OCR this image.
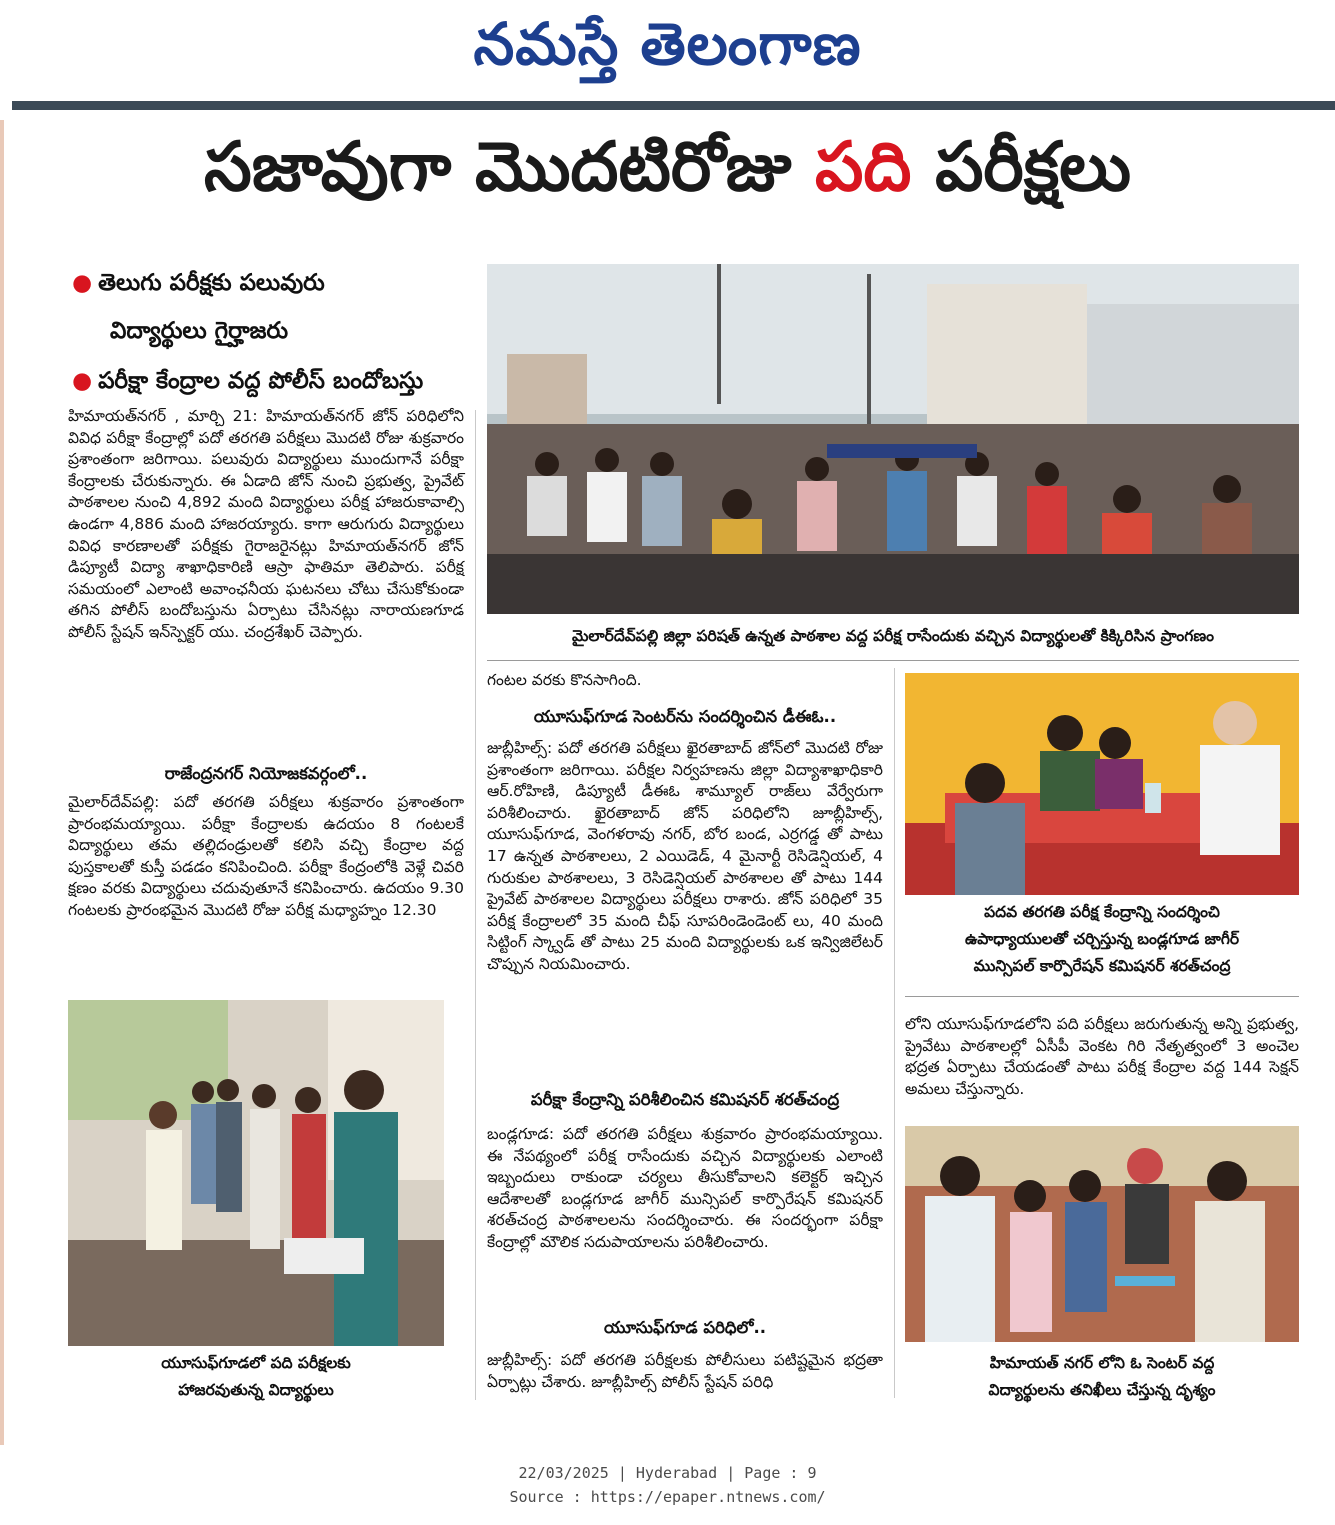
నమస్తే తెలంగాణ
సజావుగా మొదటిరోజు పది పరీక్షలు
● తెలుగు పరీక్షకు పలువురు
విద్యార్థులు గైర్హాజరు
● పరీక్షా కేంద్రాల వద్ద పోలీస్ బందోబస్తు
హిమాయత్‌నగర్ , మార్చి 21: హిమాయత్‌నగర్ జోన్ పరిధిలోని వివిధ పరీక్షా కేంద్రాల్లో పదో తరగతి పరీక్షలు మొదటి రోజు శుక్రవారం ప్రశాంతంగా జరిగాయి. పలువురు విద్యార్థులు ముందుగానే పరీక్షా కేంద్రాలకు చేరుకున్నారు. ఈ ఏడాది జోన్ నుంచి ప్రభుత్వ, ప్రైవేట్ పాఠశాలల నుంచి 4,892 మంది విద్యార్థులు పరీక్ష హాజరుకావాల్సి ఉండగా 4,886 మంది హాజరయ్యారు. కాగా ఆరుగురు విద్యార్థులు వివిధ కారణాలతో పరీక్షకు గైరాజరైనట్లు హిమాయత్‌నగర్ జోన్ డిప్యూటీ విద్యా శాఖాధికారిణి ఆస్రా ఫాతిమా తెలిపారు. పరీక్ష సమయంలో ఎలాంటి అవాంఛనీయ ఘటనలు చోటు చేసుకోకుండా తగిన పోలీస్ బందోబస్తును ఏర్పాటు చేసినట్లు నారాయణగూడ పోలీస్ స్టేషన్ ఇన్‌స్పెక్టర్ యు. చంద్రశేఖర్ చెప్పారు.
రాజేంద్రనగర్ నియోజకవర్గంలో..
మైలార్‌దేవ్‌పల్లి: పదో తరగతి పరీక్షలు శుక్రవారం ప్రశాంతంగా ప్రారంభమయ్యాయి. పరీక్షా కేంద్రాలకు ఉదయం 8 గంటలకే విద్యార్థులు తమ తల్లిదండ్రులతో కలిసి వచ్చి కేంద్రాల వద్ద పుస్తకాలతో కుస్తీ పడడం కనిపించింది. పరీక్షా కేంద్రంలోకి వెళ్లే చివరి క్షణం వరకు విద్యార్థులు చదువుతూనే కనిపించారు. ఉదయం 9.30 గంటలకు ప్రారంభమైన మొదటి రోజు పరీక్ష మధ్యాహ్నం 12.30
యూసుఫ్‌గూడలో పది పరీక్షలకు
హాజరవుతున్న విద్యార్థులు
మైలార్‌దేవ్‌పల్లి జిల్లా పరిషత్ ఉన్నత పాఠశాల వద్ద పరీక్ష రాసేందుకు వచ్చిన విద్యార్థులతో కిక్కిరిసిన ప్రాంగణం
గంటల వరకు కొనసాగింది.
యూసుఫ్‌గూడ సెంటర్‌ను సందర్శించిన డీఈఓ..
జుబ్లీహిల్స్: పదో తరగతి పరీక్షలు ఖైరతాబాద్ జోన్‌లో మొదటి రోజు ప్రశాంతంగా జరిగాయి. పరీక్షల నిర్వహణను జిల్లా విద్యాశాఖాధికారి ఆర్.రోహిణి, డిప్యూటీ డీఈఓ శామ్యూల్ రాజ్‌లు వేర్వేరుగా పరిశీలించారు. ఖైరతాబాద్ జోన్ పరిధిలోని జూబ్లీహిల్స్, యూసుఫ్‌గూడ, వెంగళరావు నగర్, బోర బండ, ఎర్రగడ్డ తో పాటు 17 ఉన్నత పాఠశాలలు, 2 ఎయిడెడ్, 4 మైనార్టీ రెసిడెన్షియల్, 4 గురుకుల పాఠశాలలు, 3 రెసిడెన్షియల్ పాఠశాలల తో పాటు 144 ప్రైవేట్ పాఠశాలల విద్యార్థులు పరీక్షలు రాశారు. జోన్ పరిధిలో 35 పరీక్ష కేంద్రాలలో 35 మంది చీఫ్ సూపరిండెండెంట్ లు, 40 మంది సిట్టింగ్ స్క్వాడ్ తో పాటు 25 మంది విద్యార్థులకు ఒక ఇన్విజిలేటర్ చొప్పున నియమించారు.
పరీక్షా కేంద్రాన్ని పరిశీలించిన కమిషనర్ శరత్‌చంద్ర
బండ్లగూడ: పదో తరగతి పరీక్షలు శుక్రవారం ప్రారంభమయ్యాయి. ఈ నేపథ్యంలో పరీక్ష రాసేందుకు వచ్చిన విద్యార్థులకు ఎలాంటి ఇబ్బందులు రాకుండా చర్యలు తీసుకోవాలని కలెక్టర్ ఇచ్చిన ఆదేశాలతో బండ్లగూడ జాగీర్ మున్సిపల్ కార్పొరేషన్ కమిషనర్ శరత్‌చంద్ర పాఠశాలలను సందర్శించారు. ఈ సందర్భంగా పరీక్షా కేంద్రాల్లో మౌలిక సదుపాయాలను పరిశీలించారు.
యూసుఫ్‌గూడ పరిధిలో..
జుబ్లీహిల్స్: పదో తరగతి పరీక్షలకు పోలీసులు పటిష్టమైన భద్రతా ఏర్పాట్లు చేశారు. జూబ్లీహిల్స్ పోలీస్ స్టేషన్ పరిధి
పదవ తరగతి పరీక్ష కేంద్రాన్ని సందర్శించి
ఉపాధ్యాయులతో చర్చిస్తున్న బండ్లగూడ జాగీర్
మున్సిపల్ కార్పొరేషన్ కమిషనర్ శరత్‌చంద్ర
లోని యూసుఫ్‌గూడలోని పది పరీక్షలు జరుగుతున్న అన్ని ప్రభుత్వ, ప్రైవేటు పాఠశాలల్లో ఏసీపీ వెంకట గిరి నేతృత్వంలో 3 అంచెల భద్రత ఏర్పాటు చేయడంతో పాటు పరీక్ష కేంద్రాల వద్ద 144 సెక్షన్ అమలు చేస్తున్నారు.
హిమాయత్ నగర్ లోని ఓ సెంటర్ వద్ద
విద్యార్థులను తనిఖీలు చేస్తున్న దృశ్యం
22/03/2025 | Hyderabad | Page : 9
Source : https://epaper.ntnews.com/
